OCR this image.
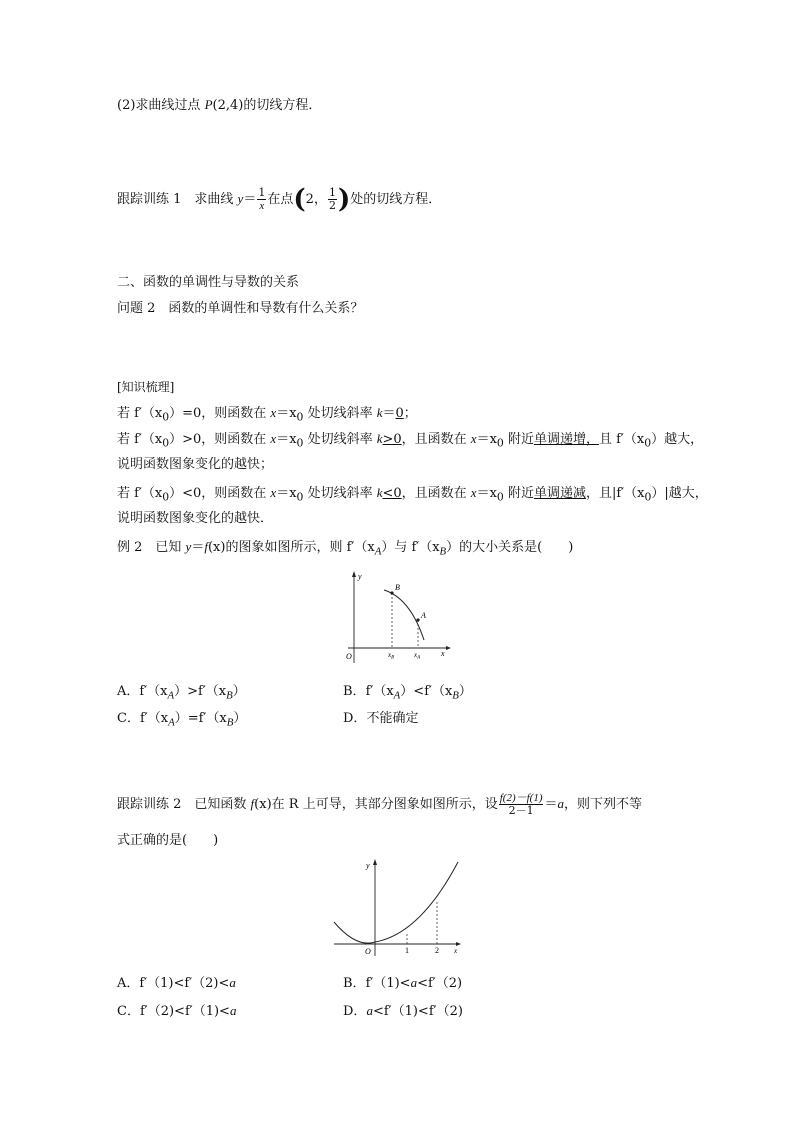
(2)求曲线过点 P(2,4)的切线方程．
跟踪训练 1　求曲线 $y= \frac{1}{x}$ 在点(2， $\frac{1}{2}$ )处的切线方程．
二、函数的单调性与导数的关系
问题 2　函数的单调性和导数有什么关系？
[知识梳理]
若 $f'(x_0)=0$，则函数在 $x=x_0$ 处切线斜率 k＝0；
若 $f'(x_0)>0$，则函数在 $x=x_0$ 处切线斜率 k>0，且函数在 $x=x_0$ 附近单调递增，且 $f'(x_0)$越大，
说明函数图象变化的越快；
若 $f'(x_0)<0$，则函数在 $x=x_0$ 处切线斜率 k<0，且函数在 $x=x_0$ 附近单调递减，且$|f'(x_0)|$越大，
说明函数图象变化的越快．
例 2　已知 y＝f(x)的图象如图所示，则 $f'(x_A)$与 $f'(x_B)$的大小关系是(　　)
y
O	x
B
A
$x_B$	$x_A$
A．$f'(x_A)>f'(x_B)$	B．$f'(x_A)<f'(x_B)$
C．$f'(x_A)=f'(x_B)$	D．不能确定
跟踪训练 2　已知函数 f(x)在 R 上可导，其部分图象如图所示，设 $\frac{f(2)-f(1)}{2-1} =a$，则下列不等
式正确的是(　　)
y
O	x
1	2
A．f′（1)<f′（2)<a	B．f′（1)<a<f′（2)
C．f′（2)<f′（1)<a	D．a<f′（1)<f′（2)
